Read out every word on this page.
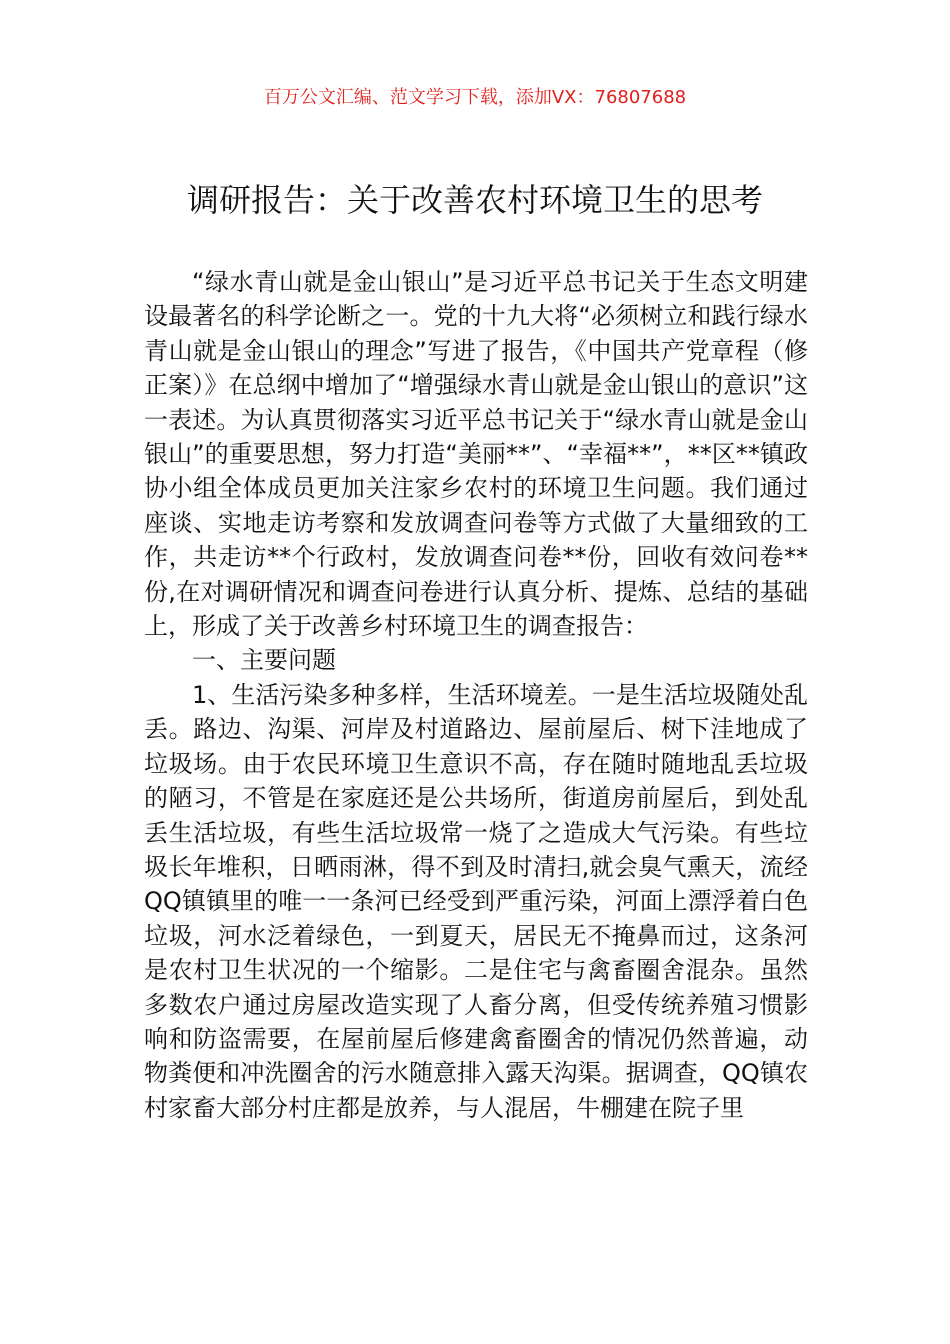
百万公文汇编、范文学习下载，添加VX：76807688
调研报告：关于改善农村环境卫生的思考

“绿水青山就是金山银山”是习近平总书记关于生态文明建设最著名的科学论断之一。党的十九大将“必须树立和践行绿水青山就是金山银山的理念”写进了报告，《中国共产党章程（修正案）》在总纲中增加了“增强绿水青山就是金山银山的意识”这一表述。为认真贯彻落实习近平总书记关于“绿水青山就是金山银山”的重要思想，努力打造“美丽**”、“幸福**”，**区**镇政协小组全体成员更加关注家乡农村的环境卫生问题。我们通过座谈、实地走访考察和发放调查问卷等方式做了大量细致的工作，共走访**个行政村，发放调查问卷**份，回收有效问卷**份,在对调研情况和调查问卷进行认真分析、提炼、总结的基础上，形成了关于改善乡村环境卫生的调查报告：

一、主要问题

1、生活污染多种多样，生活环境差。一是生活垃圾随处乱丢。路边、沟渠、河岸及村道路边、屋前屋后、树下洼地成了垃圾场。由于农民环境卫生意识不高，存在随时随地乱丢垃圾的陋习，不管是在家庭还是公共场所，街道房前屋后，到处乱丢生活垃圾，有些生活垃圾常一烧了之造成大气污染。有些垃圾长年堆积，日晒雨淋，得不到及时清扫,就会臭气熏天，流经QQ镇镇里的唯一一条河已经受到严重污染，河面上漂浮着白色垃圾，河水泛着绿色，一到夏天，居民无不掩鼻而过，这条河是农村卫生状况的一个缩影。二是住宅与禽畜圈舍混杂。虽然多数农户通过房屋改造实现了人畜分离，但受传统养殖习惯影响和防盗需要，在屋前屋后修建禽畜圈舍的情况仍然普遍，动物粪便和冲洗圈舍的污水随意排入露天沟渠。据调查，QQ镇农村家畜大部分村庄都是放养，与人混居，牛棚建在院子里
